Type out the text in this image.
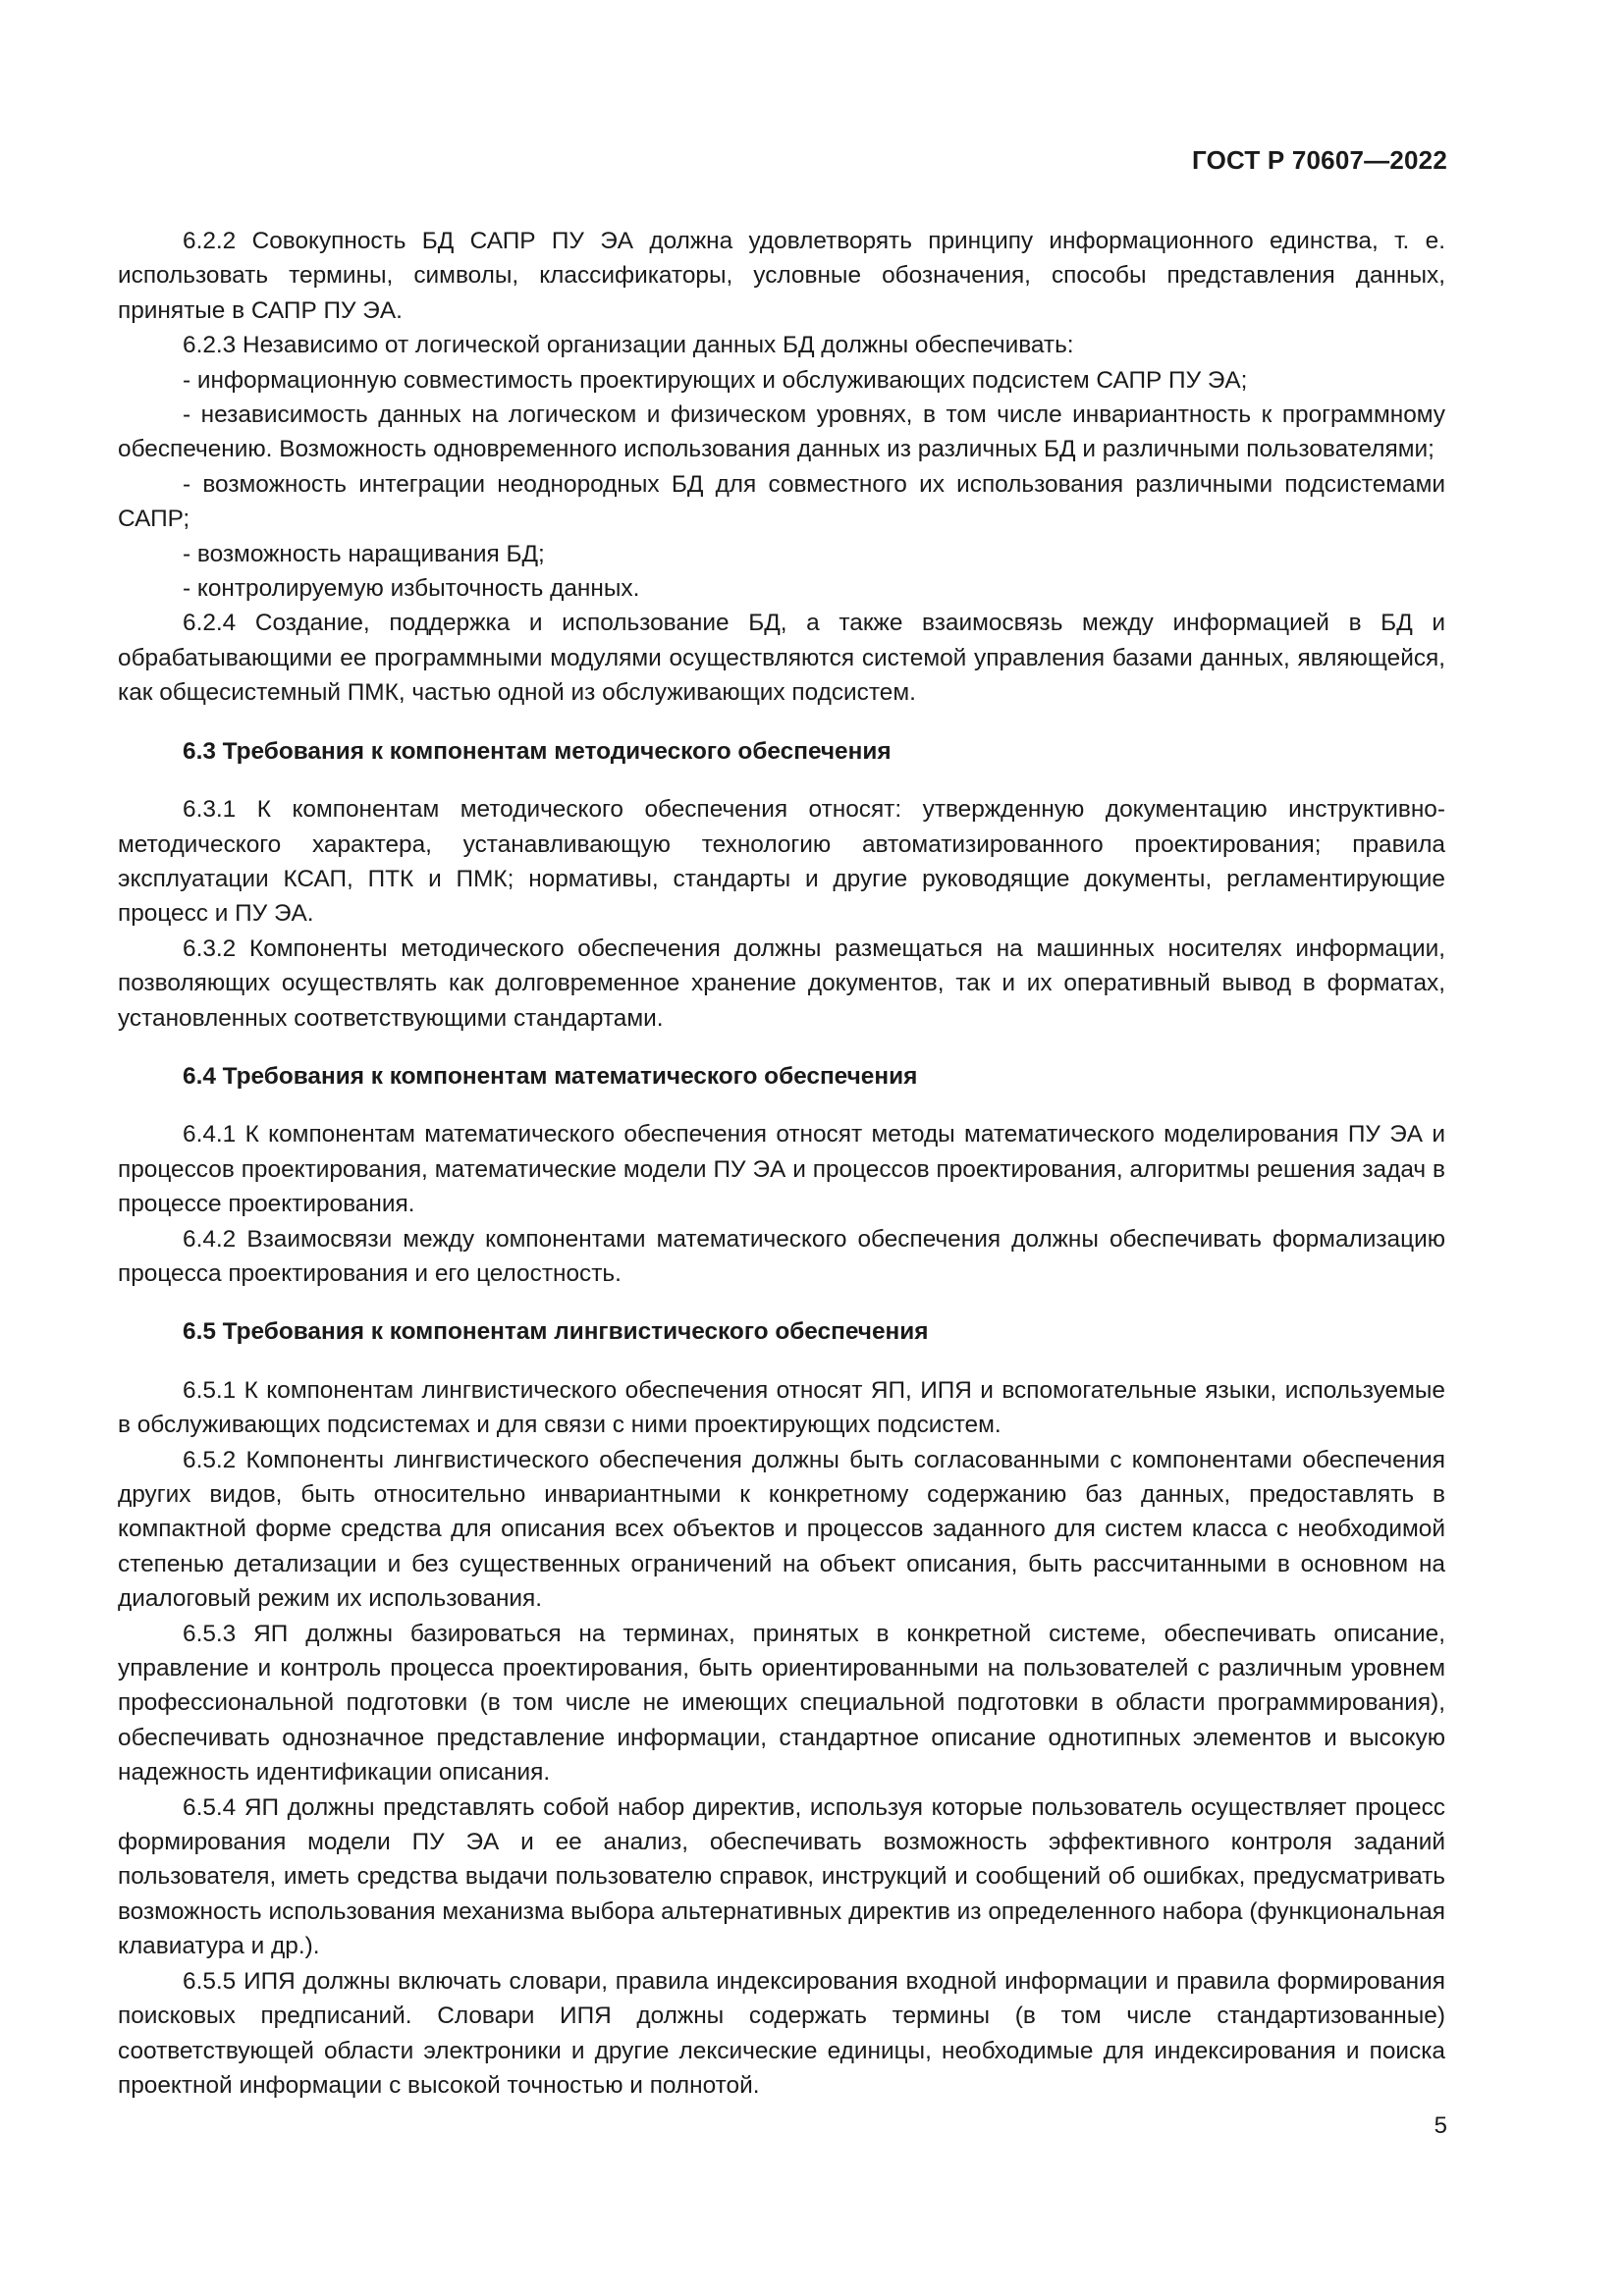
ГОСТ Р 70607—2022

6.2.2 Совокупность БД САПР ПУ ЭА должна удовлетворять принципу информационного единства, т. е. использовать термины, символы, классификаторы, условные обозначения, способы представления данных, принятые в САПР ПУ ЭА.

6.2.3 Независимо от логической организации данных БД должны обеспечивать:

- информационную совместимость проектирующих и обслуживающих подсистем САПР ПУ ЭА;

- независимость данных на логическом и физическом уровнях, в том числе инвариантность к программному обеспечению. Возможность одновременного использования данных из различных БД и различными пользователями;

- возможность интеграции неоднородных БД для совместного их использования различными подсистемами САПР;

- возможность наращивания БД;

- контролируемую избыточность данных.

6.2.4 Создание, поддержка и использование БД, а также взаимосвязь между информацией в БД и обрабатывающими ее программными модулями осуществляются системой управления базами данных, являющейся, как общесистемный ПМК, частью одной из обслуживающих подсистем.

6.3 Требования к компонентам методического обеспечения

6.3.1 К компонентам методического обеспечения относят: утвержденную документацию инструктивно-методического характера, устанавливающую технологию автоматизированного проектирования; правила эксплуатации КСАП, ПТК и ПМК; нормативы, стандарты и другие руководящие документы, регламентирующие процесс и ПУ ЭА.

6.3.2 Компоненты методического обеспечения должны размещаться на машинных носителях информации, позволяющих осуществлять как долговременное хранение документов, так и их оперативный вывод в форматах, установленных соответствующими стандартами.

6.4 Требования к компонентам математического обеспечения

6.4.1 К компонентам математического обеспечения относят методы математического моделирования ПУ ЭА и процессов проектирования, математические модели ПУ ЭА и процессов проектирования, алгоритмы решения задач в процессе проектирования.

6.4.2 Взаимосвязи между компонентами математического обеспечения должны обеспечивать формализацию процесса проектирования и его целостность.

6.5 Требования к компонентам лингвистического обеспечения

6.5.1 К компонентам лингвистического обеспечения относят ЯП, ИПЯ и вспомогательные языки, используемые в обслуживающих подсистемах и для связи с ними проектирующих подсистем.

6.5.2 Компоненты лингвистического обеспечения должны быть согласованными с компонентами обеспечения других видов, быть относительно инвариантными к конкретному содержанию баз данных, предоставлять в компактной форме средства для описания всех объектов и процессов заданного для систем класса с необходимой степенью детализации и без существенных ограничений на объект описания, быть рассчитанными в основном на диалоговый режим их использования.

6.5.3 ЯП должны базироваться на терминах, принятых в конкретной системе, обеспечивать описание, управление и контроль процесса проектирования, быть ориентированными на пользователей с различным уровнем профессиональной подготовки (в том числе не имеющих специальной подготовки в области программирования), обеспечивать однозначное представление информации, стандартное описание однотипных элементов и высокую надежность идентификации описания.

6.5.4 ЯП должны представлять собой набор директив, используя которые пользователь осуществляет процесс формирования модели ПУ ЭА и ее анализ, обеспечивать возможность эффективного контроля заданий пользователя, иметь средства выдачи пользователю справок, инструкций и сообщений об ошибках, предусматривать возможность использования механизма выбора альтернативных директив из определенного набора (функциональная клавиатура и др.).

6.5.5 ИПЯ должны включать словари, правила индексирования входной информации и правила формирования поисковых предписаний. Словари ИПЯ должны содержать термины (в том числе стандартизованные) соответствующей области электроники и другие лексические единицы, необходимые для индексирования и поиска проектной информации с высокой точностью и полнотой.

5
